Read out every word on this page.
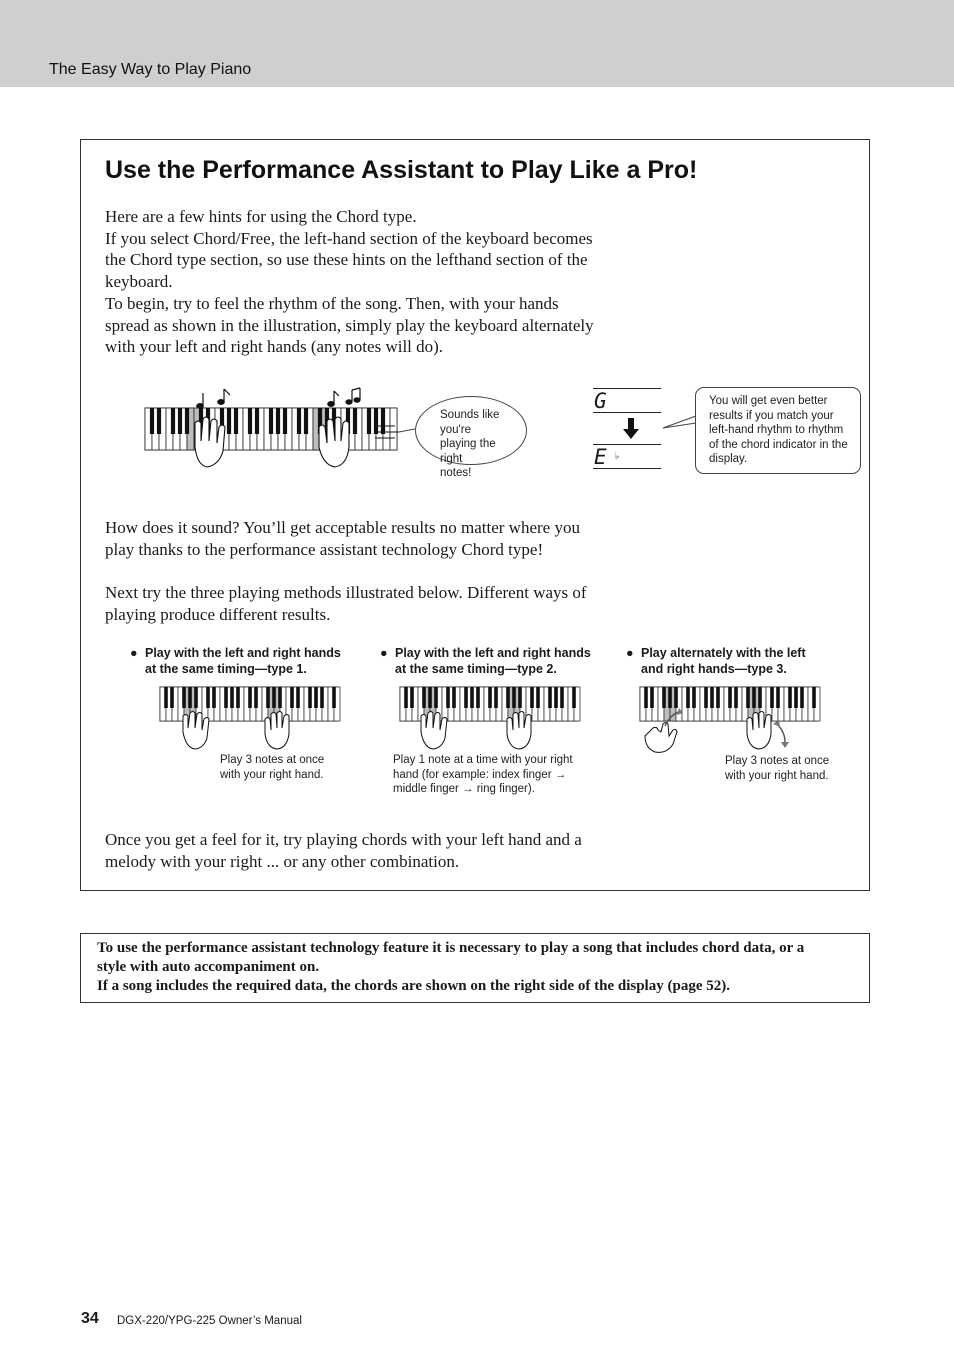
The Easy Way to Play Piano
Use the Performance Assistant to Play Like a Pro!

Here are a few hints for using the Chord type.
If you select Chord/Free, the left-hand section of the keyboard becomes
the Chord type section, so use these hints on the lefthand section of the
keyboard.
To begin, try to feel the rhythm of the song. Then, with your hands
spread as shown in the illustration, simply play the keyboard alternately
with your left and right hands (any notes will do).

Sounds like you're
playing the right
notes!
G
E ♭
You will get even better
results if you match your
left-hand rhythm to rhythm
of the chord indicator in the
display.

How does it sound? You’ll get acceptable results no matter where you
play thanks to the performance assistant technology Chord type!

Next try the three playing methods illustrated below. Different ways of
playing produce different results.

● Play with the left and right hands
at the same timing—type 1.
Play 3 notes at once
with your right hand.
● Play with the left and right hands
at the same timing—type 2.
Play 1 note at a time with your right
hand (for example: index finger →
middle finger → ring finger).
● Play alternately with the left
and right hands—type 3.
Play 3 notes at once
with your right hand.

Once you get a feel for it, try playing chords with your left hand and a
melody with your right ... or any other combination.

To use the performance assistant technology feature it is necessary to play a song that includes chord data, or a
style with auto accompaniment on.
If a song includes the required data, the chords are shown on the right side of the display (page 52).
34 DGX-220/YPG-225 Owner’s Manual
